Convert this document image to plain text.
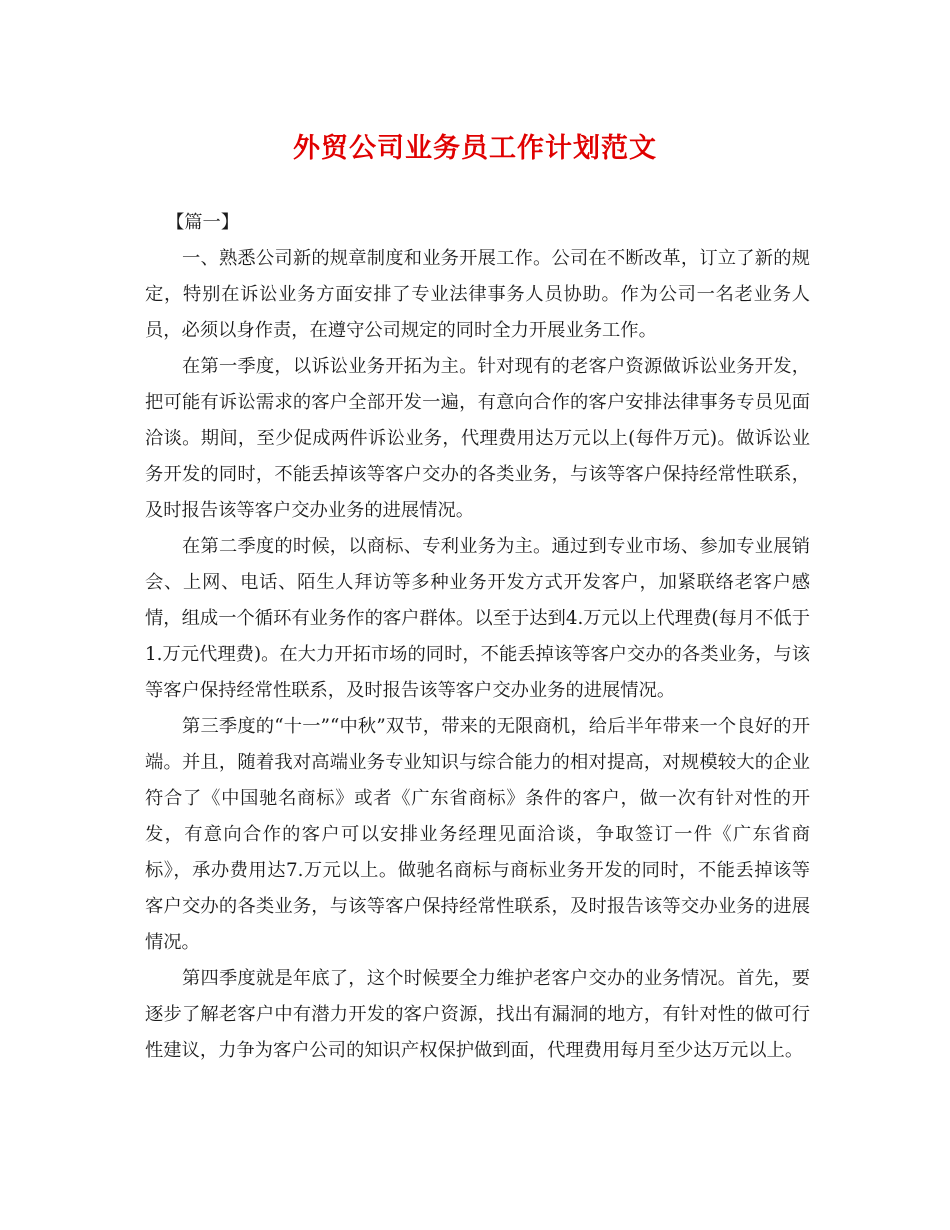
外贸公司业务员工作计划范文

【篇一】

一、熟悉公司新的规章制度和业务开展工作。公司在不断改革，订立了新的规定，特别在诉讼业务方面安排了专业法律事务人员协助。作为公司一名老业务人员，必须以身作责，在遵守公司规定的同时全力开展业务工作。

在第一季度，以诉讼业务开拓为主。针对现有的老客户资源做诉讼业务开发，把可能有诉讼需求的客户全部开发一遍，有意向合作的客户安排法律事务专员见面洽谈。期间，至少促成两件诉讼业务，代理费用达万元以上(每件万元)。做诉讼业务开发的同时，不能丢掉该等客户交办的各类业务，与该等客户保持经常性联系，及时报告该等客户交办业务的进展情况。

在第二季度的时候，以商标、专利业务为主。通过到专业市场、参加专业展销会、上网、电话、陌生人拜访等多种业务开发方式开发客户，加紧联络老客户感情，组成一个循环有业务作的客户群体。以至于达到4.万元以上代理费(每月不低于1.万元代理费)。在大力开拓市场的同时，不能丢掉该等客户交办的各类业务，与该等客户保持经常性联系，及时报告该等客户交办业务的进展情况。

第三季度的“十一”“中秋”双节，带来的无限商机，给后半年带来一个良好的开端。并且，随着我对高端业务专业知识与综合能力的相对提高，对规模较大的企业符合了《中国驰名商标》或者《广东省商标》条件的客户，做一次有针对性的开发，有意向合作的客户可以安排业务经理见面洽谈，争取签订一件《广东省商标》，承办费用达7.万元以上。做驰名商标与商标业务开发的同时，不能丢掉该等客户交办的各类业务，与该等客户保持经常性联系，及时报告该等交办业务的进展情况。

第四季度就是年底了，这个时候要全力维护老客户交办的业务情况。首先，要逐步了解老客户中有潜力开发的客户资源，找出有漏洞的地方，有针对性的做可行性建议，力争为客户公司的知识产权保护做到面，代理费用每月至少达万元以上。
